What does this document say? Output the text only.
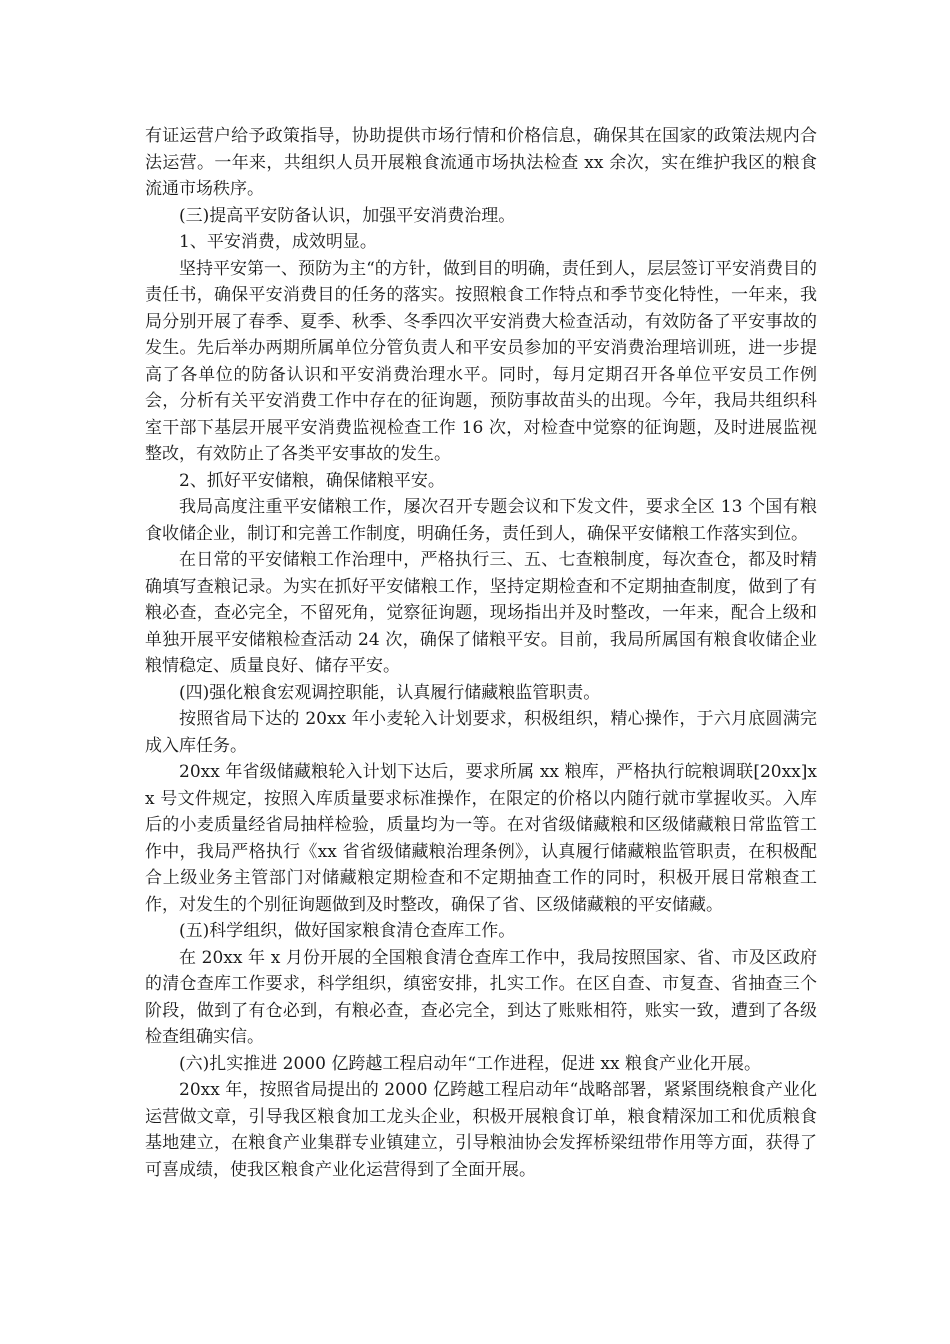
有证运营户给予政策指导，协助提供市场行情和价格信息，确保其在国家的政策法规内合法运营。一年来，共组织人员开展粮食流通市场执法检查 xx 余次，实在维护我区的粮食流通市场秩序。

(三)提高平安防备认识，加强平安消费治理。

1、平安消费，成效明显。

坚持平安第一、预防为主“的方针，做到目的明确，责任到人，层层签订平安消费目的责任书，确保平安消费目的任务的落实。按照粮食工作特点和季节变化特性，一年来，我局分别开展了春季、夏季、秋季、冬季四次平安消费大检查活动，有效防备了平安事故的发生。先后举办两期所属单位分管负责人和平安员参加的平安消费治理培训班，进一步提高了各单位的防备认识和平安消费治理水平。同时，每月定期召开各单位平安员工作例会，分析有关平安消费工作中存在的征询题，预防事故苗头的出现。今年，我局共组织科室干部下基层开展平安消费监视检查工作 16 次，对检查中觉察的征询题，及时进展监视整改，有效防止了各类平安事故的发生。

2、抓好平安储粮，确保储粮平安。

我局高度注重平安储粮工作，屡次召开专题会议和下发文件，要求全区 13 个国有粮食收储企业，制订和完善工作制度，明确任务，责任到人，确保平安储粮工作落实到位。

在日常的平安储粮工作治理中，严格执行三、五、七查粮制度，每次查仓，都及时精确填写查粮记录。为实在抓好平安储粮工作，坚持定期检查和不定期抽查制度，做到了有粮必查，查必完全，不留死角，觉察征询题，现场指出并及时整改，一年来，配合上级和单独开展平安储粮检查活动 24 次，确保了储粮平安。目前，我局所属国有粮食收储企业粮情稳定、质量良好、储存平安。

(四)强化粮食宏观调控职能，认真履行储藏粮监管职责。

按照省局下达的 20xx 年小麦轮入计划要求，积极组织，精心操作，于六月底圆满完成入库任务。

20xx 年省级储藏粮轮入计划下达后，要求所属 xx 粮库，严格执行皖粮调联[20xx]xx 号文件规定，按照入库质量要求标准操作，在限定的价格以内随行就市掌握收买。入库后的小麦质量经省局抽样检验，质量均为一等。在对省级储藏粮和区级储藏粮日常监管工作中，我局严格执行《xx 省省级储藏粮治理条例》，认真履行储藏粮监管职责，在积极配合上级业务主管部门对储藏粮定期检查和不定期抽查工作的同时，积极开展日常粮查工作，对发生的个别征询题做到及时整改，确保了省、区级储藏粮的平安储藏。

(五)科学组织，做好国家粮食清仓查库工作。

在 20xx 年 x 月份开展的全国粮食清仓查库工作中，我局按照国家、省、市及区政府的清仓查库工作要求，科学组织，缜密安排，扎实工作。在区自查、市复查、省抽查三个阶段，做到了有仓必到，有粮必查，查必完全，到达了账账相符，账实一致，遭到了各级检查组确实信。

(六)扎实推进 2000 亿跨越工程启动年“工作进程，促进 xx 粮食产业化开展。

20xx 年，按照省局提出的 2000 亿跨越工程启动年“战略部署，紧紧围绕粮食产业化运营做文章，引导我区粮食加工龙头企业，积极开展粮食订单，粮食精深加工和优质粮食基地建立，在粮食产业集群专业镇建立，引导粮油协会发挥桥梁纽带作用等方面，获得了可喜成绩，使我区粮食产业化运营得到了全面开展。
